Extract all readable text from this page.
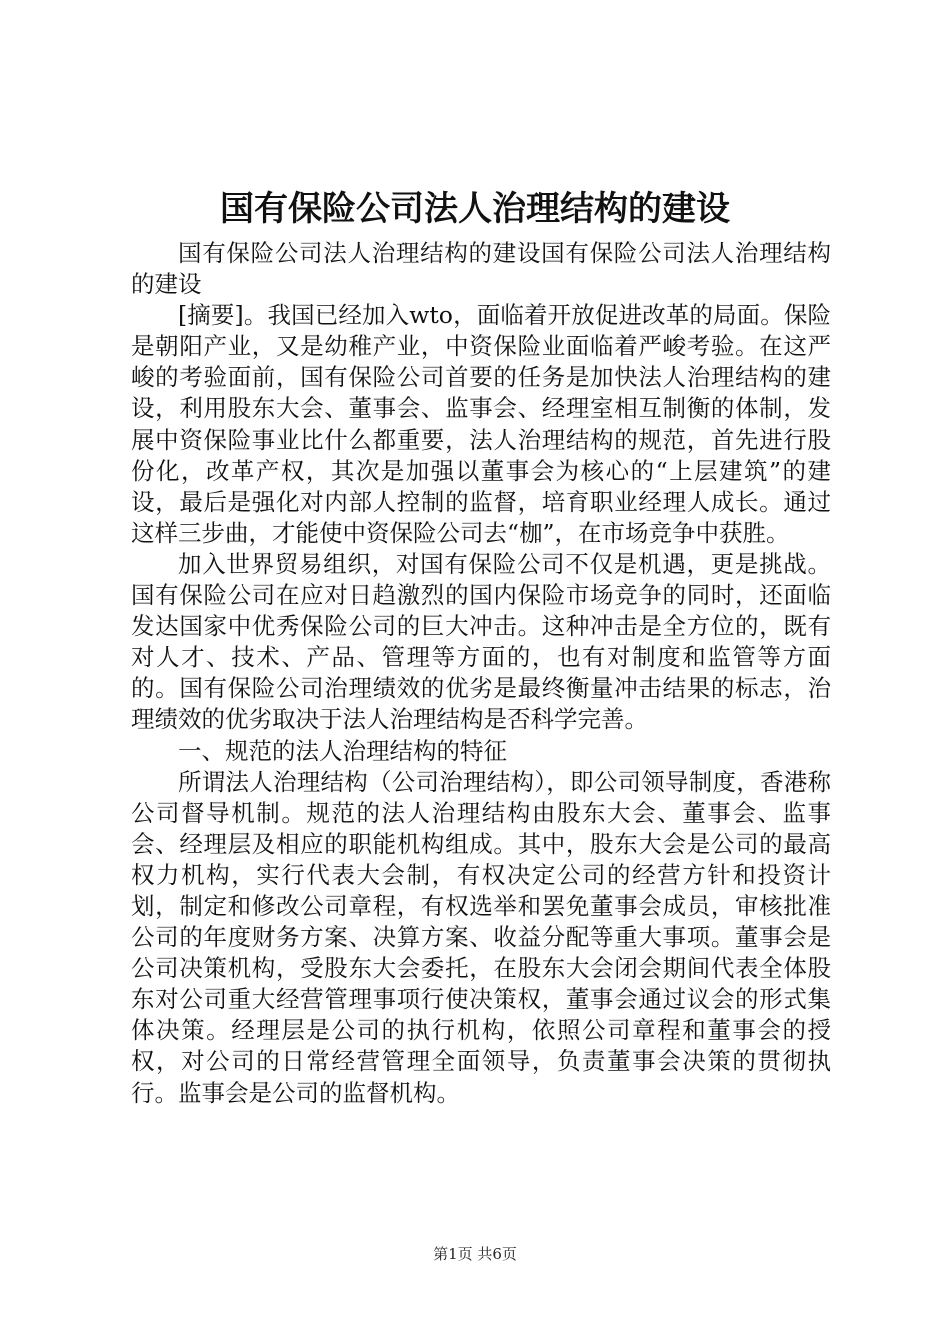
国有保险公司法人治理结构的建设

国有保险公司法人治理结构的建设国有保险公司法人治理结构的建设

[摘要]。我国已经加入wto，面临着开放促进改革的局面。保险是朝阳产业，又是幼稚产业，中资保险业面临着严峻考验。在这严峻的考验面前，国有保险公司首要的任务是加快法人治理结构的建设，利用股东大会、董事会、监事会、经理室相互制衡的体制，发展中资保险事业比什么都重要，法人治理结构的规范，首先进行股份化，改革产权，其次是加强以董事会为核心的“上层建筑”的建设，最后是强化对内部人控制的监督，培育职业经理人成长。通过这样三步曲，才能使中资保险公司去“枷”，在市场竞争中获胜。

加入世界贸易组织，对国有保险公司不仅是机遇，更是挑战。国有保险公司在应对日趋激烈的国内保险市场竞争的同时，还面临发达国家中优秀保险公司的巨大冲击。这种冲击是全方位的，既有对人才、技术、产品、管理等方面的，也有对制度和监管等方面的。国有保险公司治理绩效的优劣是最终衡量冲击结果的标志，治理绩效的优劣取决于法人治理结构是否科学完善。

一、规范的法人治理结构的特征

所谓法人治理结构（公司治理结构），即公司领导制度，香港称公司督导机制。规范的法人治理结构由股东大会、董事会、监事会、经理层及相应的职能机构组成。其中，股东大会是公司的最高权力机构，实行代表大会制，有权决定公司的经营方针和投资计划，制定和修改公司章程，有权选举和罢免董事会成员，审核批准公司的年度财务方案、决算方案、收益分配等重大事项。董事会是公司决策机构，受股东大会委托，在股东大会闭会期间代表全体股东对公司重大经营管理事项行使决策权，董事会通过议会的形式集体决策。经理层是公司的执行机构，依照公司章程和董事会的授权，对公司的日常经营管理全面领导，负责董事会决策的贯彻执行。监事会是公司的监督机构。

第1页 共6页
